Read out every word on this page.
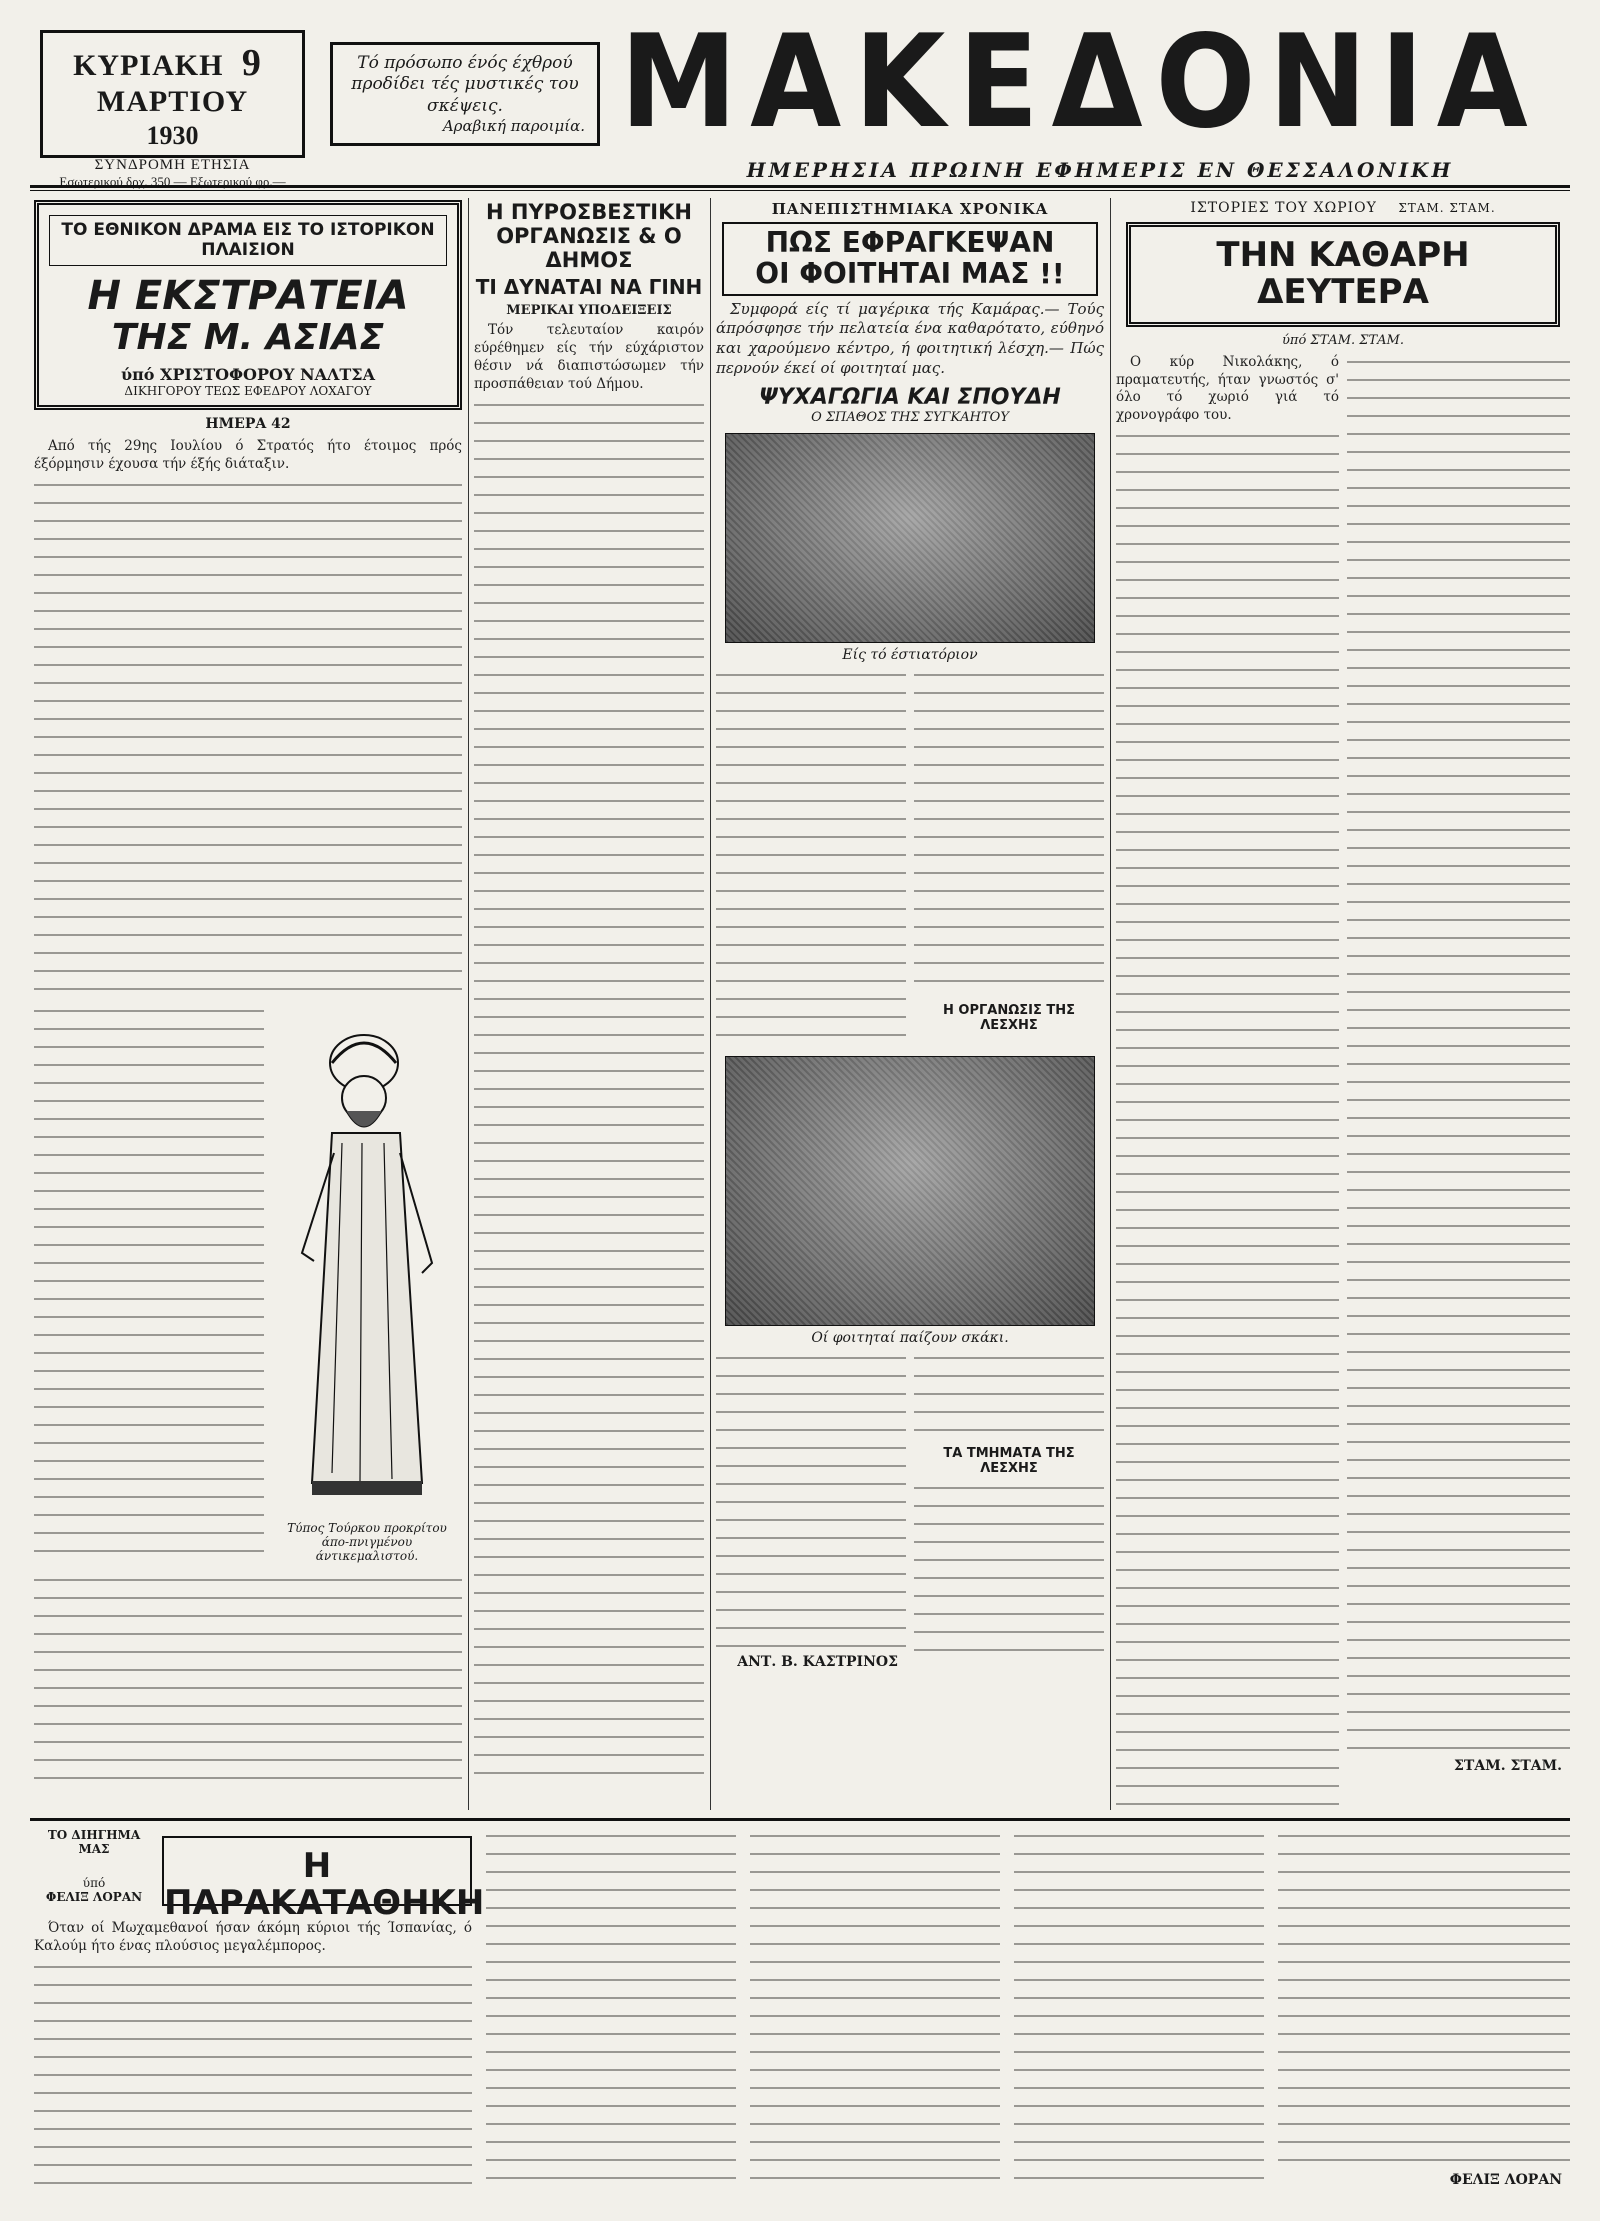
ΚΥΡΙΑΚΗ 9 ΜΑΡΤΙΟΥ
1930
ΣΥΝΔΡΟΜΗ ΕΤΗΣΙΑ
Εσωτερικού δρχ. 350 — Εξωτερικού φρ.—
Τό πρόσωπο ένός έχθρού προδίδει τές μυστικές του σκέψεις.
Αραβική παροιμία. ΜΑΚΕΔΟΝΙΑ
ΗΜΕΡΗΣΙΑ ΠΡΩΙΝΗ ΕΦΗΜΕΡΙΣ ΕΝ ΘΕΣΣΑΛΟΝΙΚΗ
ΤΟ ΕΘΝΙΚΟΝ ΔΡΑΜΑ ΕΙΣ ΤΟ ΙΣΤΟΡΙΚΟΝ ΠΛΑΙΣΙΟΝ
Η ΕΚΣΤΡΑΤΕΙΑ
ΤΗΣ Μ. ΑΣΙΑΣ
ύπό ΧΡΙΣΤΟΦΟΡΟΥ ΝΑΛΤΣΑ
ΔΙΚΗΓΟΡΟΥ ΤΕΩΣ ΕΦΕΔΡΟΥ ΛΟΧΑΓΟΥ
ΗΜΕΡΑ 42

Από τής 29ης Ιουλίου ό Στρατός ήτο έτοιμος πρός έξόρμησιν έχουσα τήν έξής διάταξιν.

Τύπος Τούρκου προκρίτου άπο-πνιγμένου άντικεμαλιστού.
Η ΠΥΡΟΣΒΕΣΤΙΚΗ ΟΡΓΑΝΩΣΙΣ & Ο ΔΗΜΟΣ
ΤΙ ΔΥΝΑΤΑΙ ΝΑ ΓΙΝΗ
ΜΕΡΙΚΑΙ ΥΠΟΔΕΙΞΕΙΣ

Τόν τελευταίον καιρόν εύρέθημεν είς τήν εύχάριστον θέσιν νά διαπιστώσωμεν τήν προσπάθειαν τού Δήμου.

ΠΑΝΕΠΙΣΤΗΜΙΑΚΑ ΧΡΟΝΙΚΑ
ΠΩΣ ΕΦΡΑΓΚΕΨΑΝ
ΟΙ ΦΟΙΤΗΤΑΙ ΜΑΣ !!

Συμφορά είς τί μαγέρικα τής Καμάρας.— Τούς άπρόσφησε τήν πελατεία ένα καθαρότατο, εύθηνό και χαρούμενο κέντρο, ή φοιτητική λέσχη.— Πώς περνούν έκεί οί φοιτηταί μας.

ΨΥΧΑΓΩΓΙΑ ΚΑΙ ΣΠΟΥΔΗ
Ο ΣΠΑΘΟΣ ΤΗΣ ΣΥΓΚΑΗΤΟΥ
Είς τό έστιατόριον
Η ΟΡΓΑΝΩΣΙΣ ΤΗΣ ΛΕΣΧΗΣ
Οί φοιτηταί παίζουν σκάκι.
ΑΝΤ. Β. ΚΑΣΤΡΙΝΟΣ
ΤΑ ΤΜΗΜΑΤΑ ΤΗΣ ΛΕΣΧΗΣ
ΙΣΤΟΡΙΕΣ ΤΟΥ ΧΩΡΙΟΥ ΣΤΑΜ. ΣΤΑΜ.
ΤΗΝ ΚΑΘΑΡΗ ΔΕΥΤΕΡΑ
ύπό ΣΤΑΜ. ΣΤΑΜ.

Ο κύρ Νικολάκης, ό πραματευτής, ήταν γνωστός σ' όλο τό χωριό γιά τό χρονογράφο του.

ΣΤΑΜ. ΣΤΑΜ.
ΤΟ ΔΙΗΓΗΜΑ ΜΑΣ
ύπό
ΦΕΛΙΞ ΛΟΡΑΝ
Η ΠΑΡΑΚΑΤΑΘΗΚΗ

Όταν οί Μωχαμεθανοί ήσαν άκόμη κύριοι τής Ίσπανίας, ό Καλούμ ήτο ένας πλούσιος μεγαλέμπορος.

ΦΕΛΙΞ ΛΟΡΑΝ
